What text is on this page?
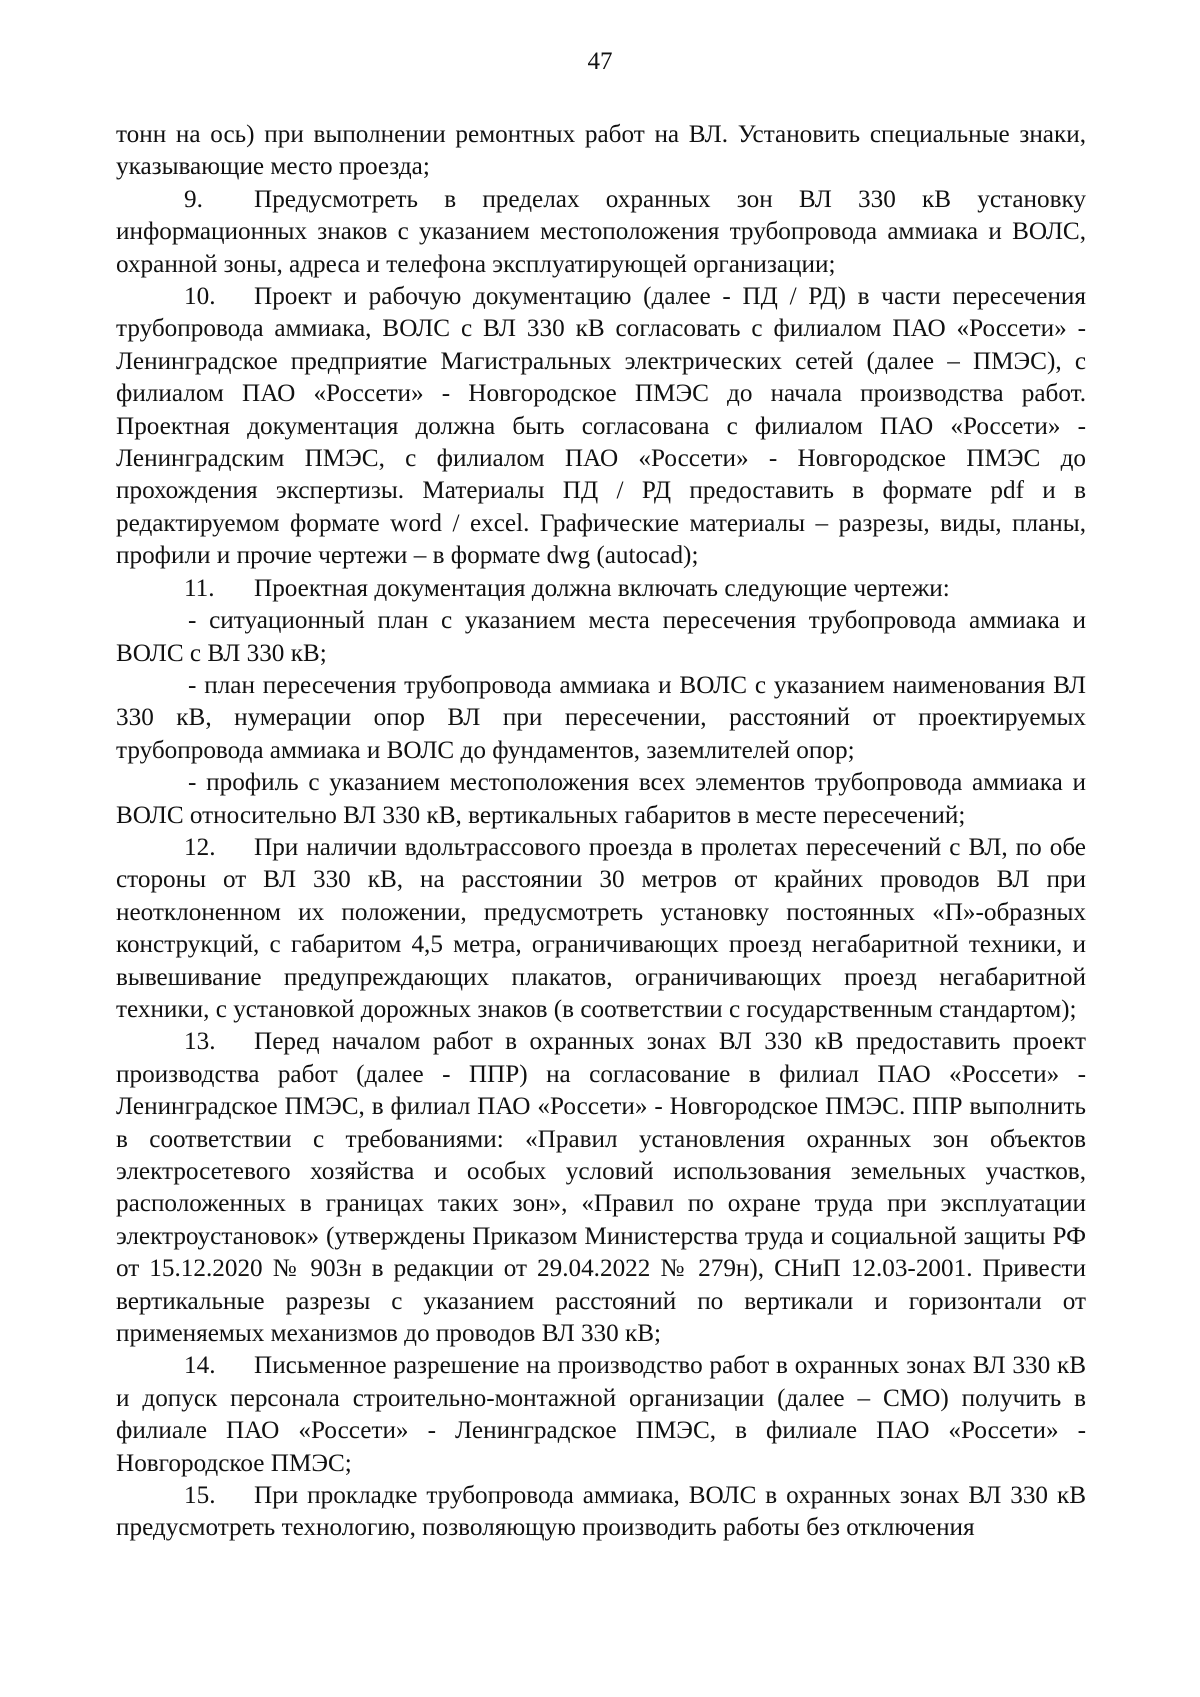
47

тонн на ось) при выполнении ремонтных работ на ВЛ. Установить специальные знаки, указывающие место проезда;

9. Предусмотреть в пределах охранных зон ВЛ 330 кВ установку информационных знаков с указанием местоположения трубопровода аммиака и ВОЛС, охранной зоны, адреса и телефона эксплуатирующей организации;

10. Проект и рабочую документацию (далее - ПД / РД) в части пересечения трубопровода аммиака, ВОЛС с ВЛ 330 кВ согласовать с филиалом ПАО «Россети» - Ленинградское предприятие Магистральных электрических сетей (далее – ПМЭС), с филиалом ПАО «Россети» - Новгородское ПМЭС до начала производства работ. Проектная документация должна быть согласована с филиалом ПАО «Россети» - Ленинградским ПМЭС, с филиалом ПАО «Россети» - Новгородское ПМЭС до прохождения экспертизы. Материалы ПД / РД предоставить в формате pdf и в редактируемом формате word / excel. Графические материалы – разрезы, виды, планы, профили и прочие чертежи – в формате dwg (autocad);

11. Проектная документация должна включать следующие чертежи:

- ситуационный план с указанием места пересечения трубопровода аммиака и ВОЛС с ВЛ 330 кВ;

- план пересечения трубопровода аммиака и ВОЛС с указанием наименования ВЛ 330 кВ, нумерации опор ВЛ при пересечении, расстояний от проектируемых трубопровода аммиака и ВОЛС до фундаментов, заземлителей опор;

- профиль с указанием местоположения всех элементов трубопровода аммиака и ВОЛС относительно ВЛ 330 кВ, вертикальных габаритов в месте пересечений;

12. При наличии вдольтрассового проезда в пролетах пересечений с ВЛ, по обе стороны от ВЛ 330 кВ, на расстоянии 30 метров от крайних проводов ВЛ при неотклоненном их положении, предусмотреть установку постоянных «П»-образных конструкций, с габаритом 4,5 метра, ограничивающих проезд негабаритной техники, и вывешивание предупреждающих плакатов, ограничивающих проезд негабаритной техники, с установкой дорожных знаков (в соответствии с государственным стандартом);

13. Перед началом работ в охранных зонах ВЛ 330 кВ предоставить проект производства работ (далее - ППР) на согласование в филиал ПАО «Россети» - Ленинградское ПМЭС, в филиал ПАО «Россети» - Новгородское ПМЭС. ППР выполнить в соответствии с требованиями: «Правил установления охранных зон объектов электросетевого хозяйства и особых условий использования земельных участков, расположенных в границах таких зон», «Правил по охране труда при эксплуатации электроустановок» (утверждены Приказом Министерства труда и социальной защиты РФ от 15.12.2020 № 903н в редакции от 29.04.2022 № 279н), СНиП 12.03-2001. Привести вертикальные разрезы с указанием расстояний по вертикали и горизонтали от применяемых механизмов до проводов ВЛ 330 кВ;

14. Письменное разрешение на производство работ в охранных зонах ВЛ 330 кВ и допуск персонала строительно-монтажной организации (далее – СМО) получить в филиале ПАО «Россети» - Ленинградское ПМЭС, в филиале ПАО «Россети» - Новгородское ПМЭС;

15. При прокладке трубопровода аммиака, ВОЛС в охранных зонах ВЛ 330 кВ предусмотреть технологию, позволяющую производить работы без отключения
